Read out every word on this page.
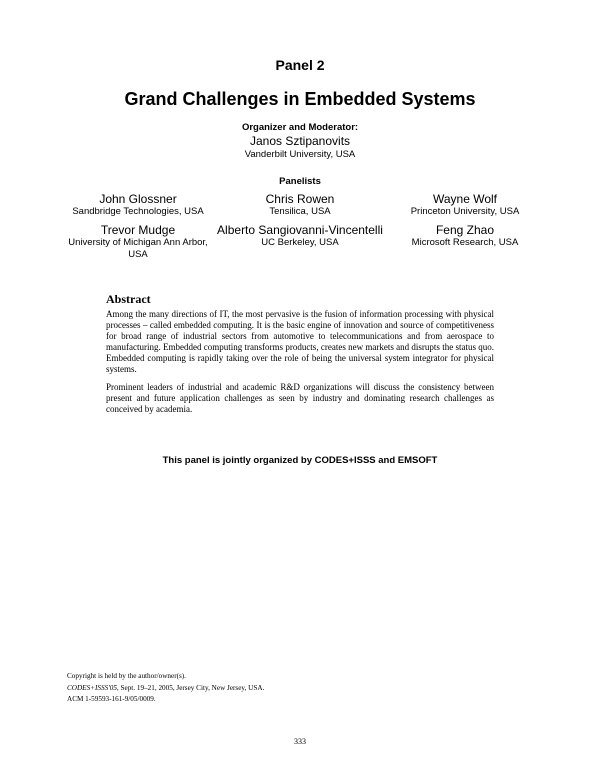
Panel 2
Grand Challenges in Embedded Systems
Organizer and Moderator:
Janos Sztipanovits
Vanderbilt University, USA
Panelists
John Glossner
Sandbridge Technologies, USA
Chris Rowen
Tensilica, USA
Wayne Wolf
Princeton University, USA
Trevor Mudge
University of Michigan Ann Arbor, USA
Alberto Sangiovanni-Vincentelli
UC Berkeley, USA
Feng Zhao
Microsoft Research, USA
Abstract

Among the many directions of IT, the most pervasive is the fusion of information processing with physical processes – called embedded computing. It is the basic engine of innovation and source of competitiveness for broad range of industrial sectors from automotive to telecommunications and from aerospace to manufacturing. Embedded computing transforms products, creates new markets and disrupts the status quo. Embedded computing is rapidly taking over the role of being the universal system integrator for physical systems.

Prominent leaders of industrial and academic R&D organizations will discuss the consistency between present and future application challenges as seen by industry and dominating research challenges as conceived by academia.

This panel is jointly organized by CODES+ISSS and EMSOFT
Copyright is held by the author/owner(s).
CODES+ISSS'05, Sept. 19–21, 2005, Jersey City, New Jersey, USA.
ACM 1-59593-161-9/05/0009.
333
